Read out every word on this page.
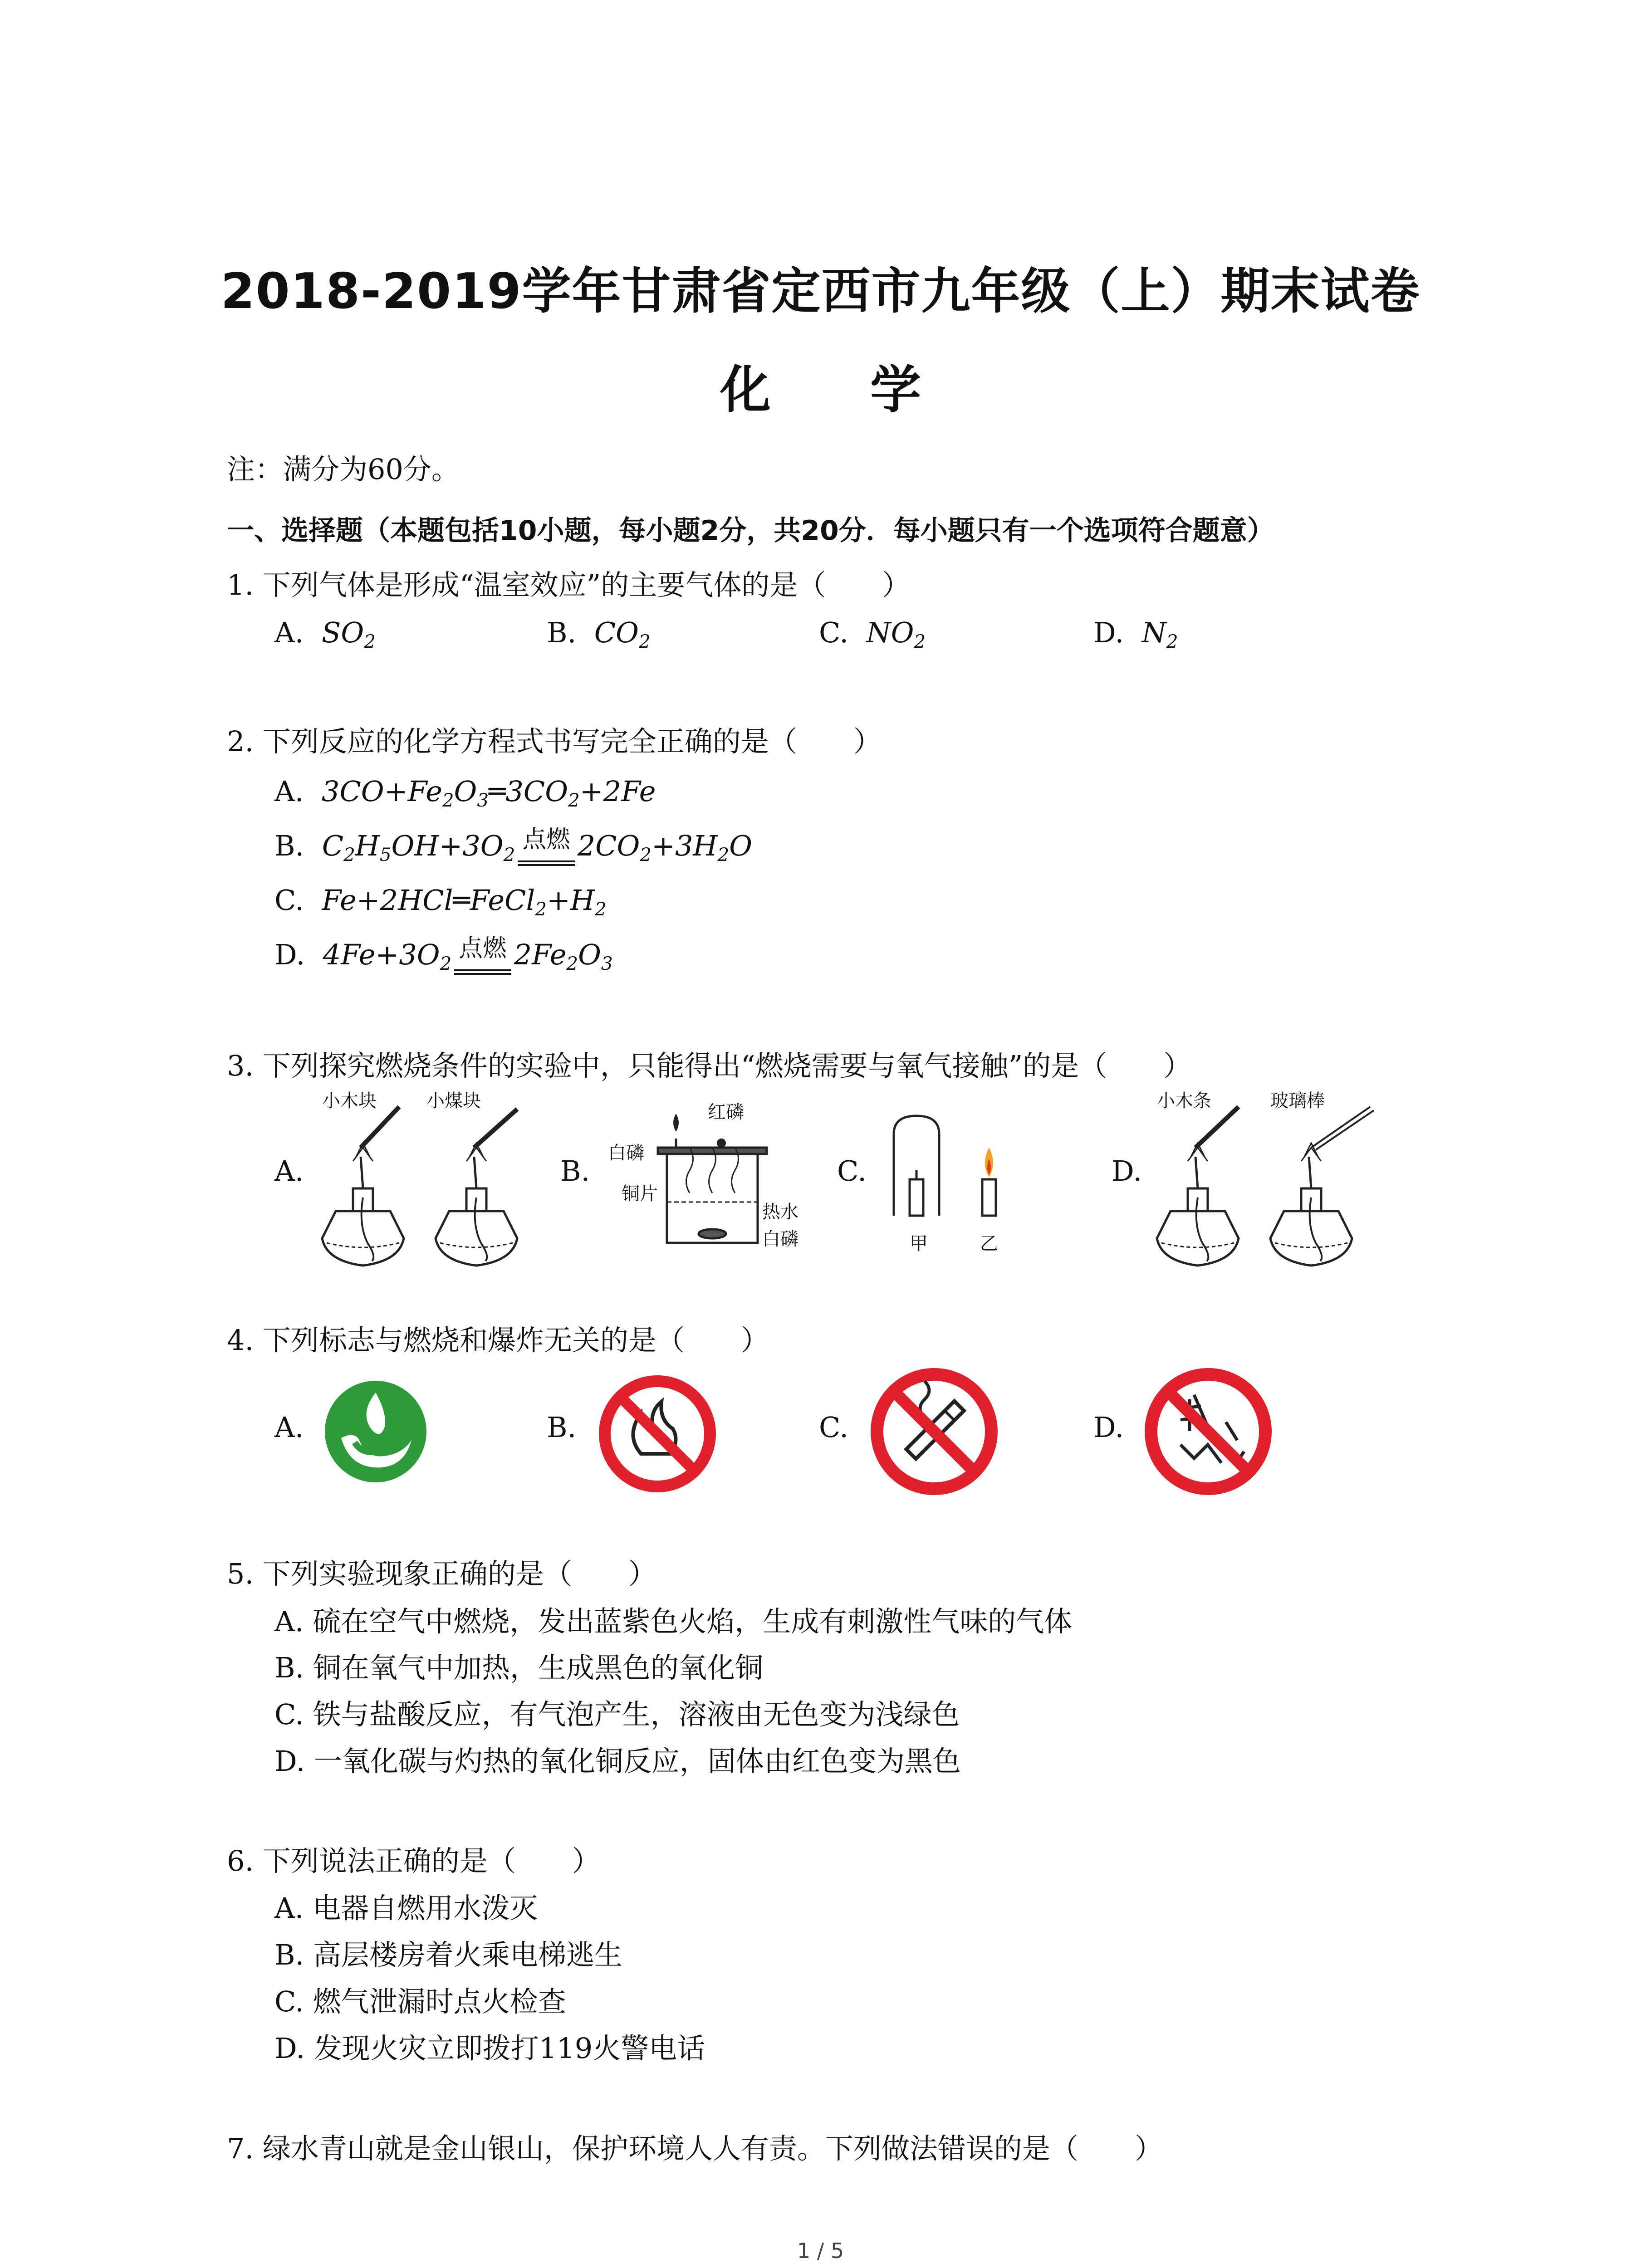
2018-2019学年甘肃省定西市九年级（上）期末试卷
化 学
注：满分为60分。
一、选择题（本题包括10小题，每小题2分，共20分．每小题只有一个选项符合题意）
1. 下列气体是形成“温室效应”的主要气体的是（　　）
A. $SO_2$	B. $CO_2$	C. $NO_2$	D. $N_2$
2. 下列反应的化学方程式书写完全正确的是（　　）
A. $3CO+Fe_2O_3═3CO_2+2Fe$
B. $C_2H_5OH+3O_2$点燃 $2CO_2+3H_2O$
C. $Fe+2HCl═FeCl_2+H_2$
D. $4Fe+3O_2$点燃 $2Fe_2O_3$
3. 下列探究燃烧条件的实验中，只能得出“燃烧需要与氧气接触”的是（　　）
A.	B.	C.	D.
小木块	小煤块
红磷
白磷
铜片
热水
白磷	甲	乙
小木条	玻璃棒
4. 下列标志与燃烧和爆炸无关的是（　　）
A.	B.	C.	D.
5. 下列实验现象正确的是（　　）
A. 硫在空气中燃烧，发出蓝紫色火焰，生成有刺激性气味的气体
B. 铜在氧气中加热，生成黑色的氧化铜
C. 铁与盐酸反应，有气泡产生，溶液由无色变为浅绿色
D. 一氧化碳与灼热的氧化铜反应，固体由红色变为黑色
6. 下列说法正确的是（　　）
A. 电器自燃用水泼灭
B. 高层楼房着火乘电梯逃生
C. 燃气泄漏时点火检查
D. 发现火灾立即拨打119火警电话
7. 绿水青山就是金山银山，保护环境人人有责。下列做法错误的是（　　）
1 / 5
